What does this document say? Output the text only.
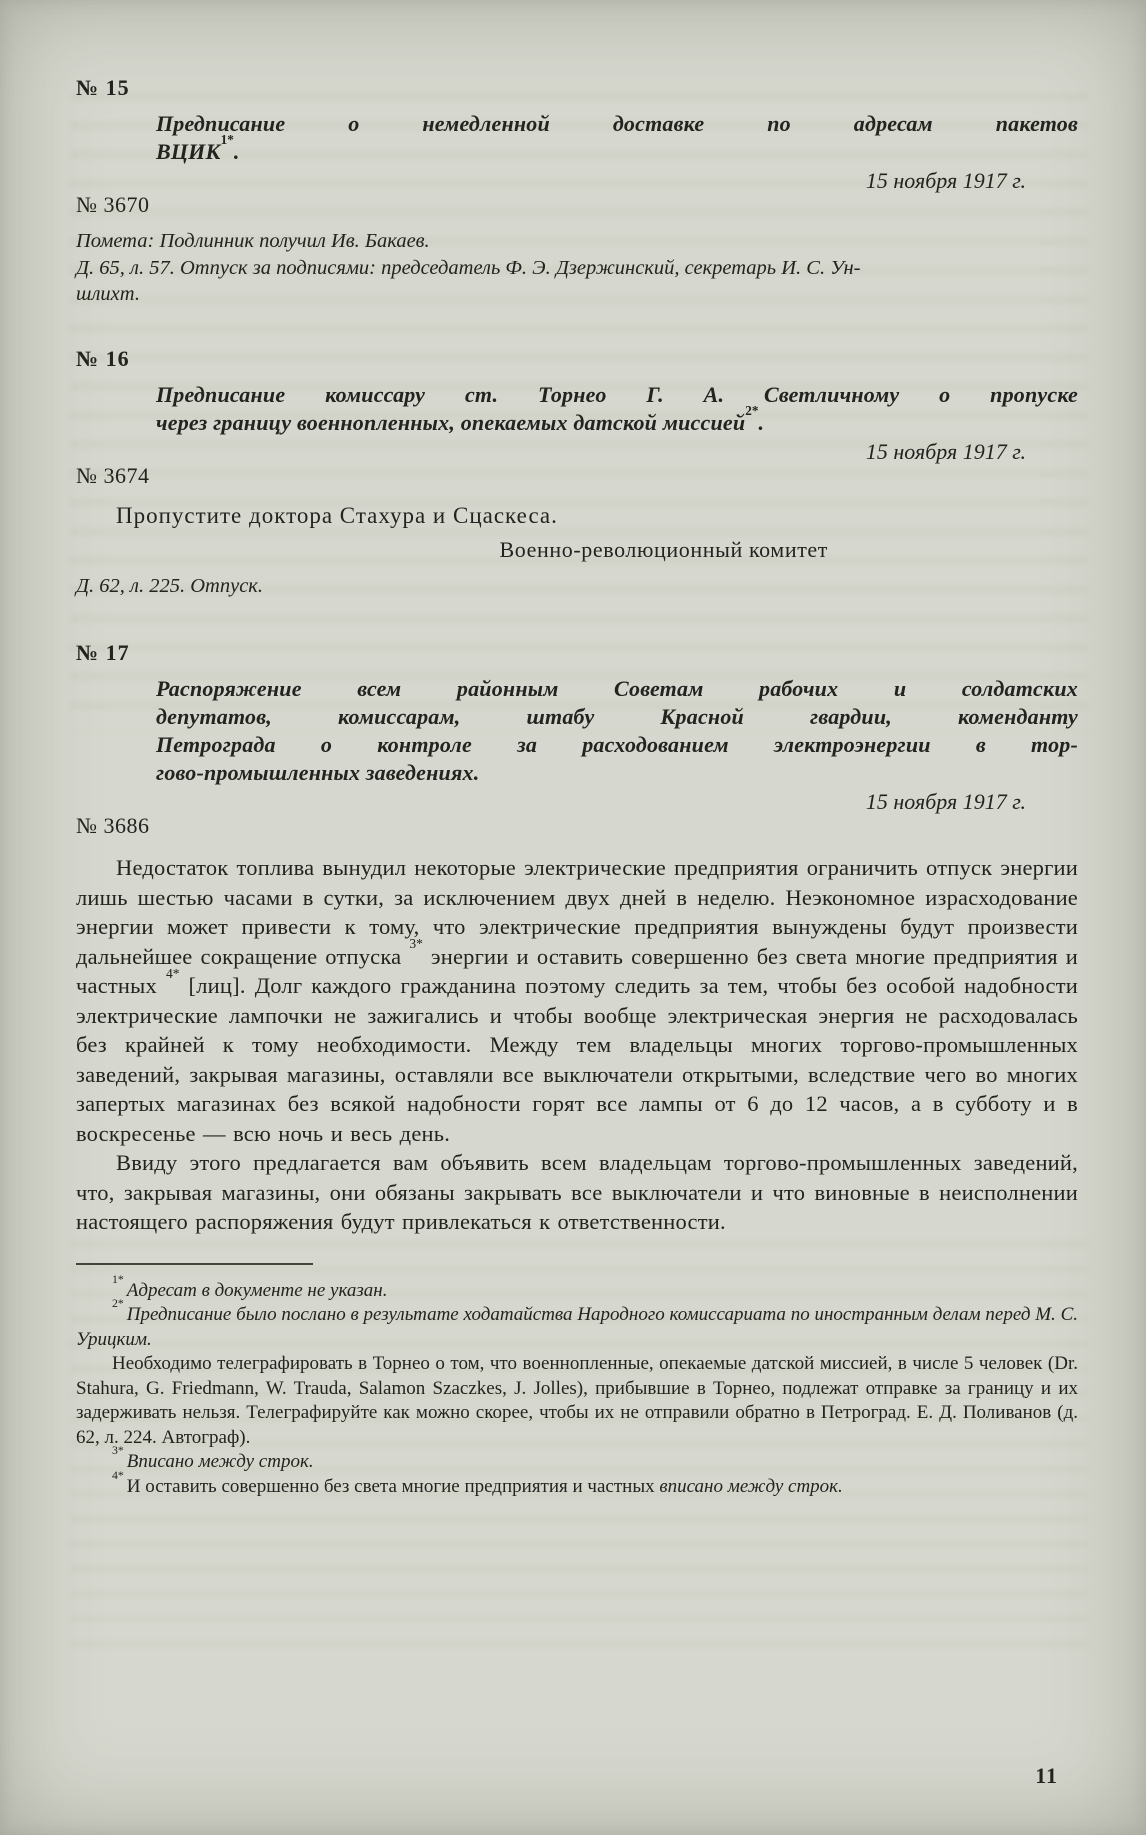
№ 15
Предписание о немедленной доставке по адресам пакетов
ВЦИК$^{1*}$.
15 ноября 1917 г.
№ 3670
Помета: Подлинник получил Ив. Бакаев.
Д. 65, л. 57. Отпуск за подписями: председатель Ф. Э. Дзержинский, секретарь И. С. Ун-
шлихт.
№ 16
Предписание комиссару ст. Торнео Г. А. Светличному о пропуске
через границу военнопленных, опекаемых датской миссией$^{2*}$.
15 ноября 1917 г.
№ 3674

Пропустите доктора Стахура и Сцаскеса.

Военно-революционный комитет
Д. 62, л. 225. Отпуск.
№ 17
Распоряжение всем районным Советам рабочих и солдатских
депутатов, комиссарам, штабу Красной гвардии, коменданту
Петрограда о контроле за расходованием электроэнергии в тор-
гово-промышленных заведениях.
15 ноября 1917 г.
№ 3686

Недостаток топлива вынудил некоторые электрические предприятия ограничить отпуск энергии лишь шестью часами в сутки, за исключением двух дней в неделю. Неэкономное израсходование энергии может привести к тому, что электрические предприятия вынуждены будут произвести дальнейшее сокращение отпуска $^{3*}$ энергии и оставить совершенно без света многие предприятия и частных $^{4*}$ [лиц]. Долг каждого гражданина поэтому следить за тем, чтобы без особой надобности электрические лампочки не зажигались и чтобы вообще электрическая энергия не расходовалась без крайней к тому необходимости. Между тем владельцы многих торгово-промышленных заведений, закрывая магазины, оставляли все выключатели открытыми, вследствие чего во многих запертых магазинах без всякой надобности горят все лампы от 6 до 12 часов, а в субботу и в воскресенье — всю ночь и весь день.

Ввиду этого предлагается вам объявить всем владельцам торгово-промышленных заведений, что, закрывая магазины, они обязаны закрывать все выключатели и что виновные в неисполнении настоящего распоряжения будут привлекаться к ответственности.

$^{1*}$Адресат в документе не указан.

$^{2*}$Предписание было послано в результате ходатайства Народного комиссариата по иностранным делам перед М. С. Урицким.

Необходимо телеграфировать в Торнео о том, что военнопленные, опекаемые датской миссией, в числе 5 человек (Dr. Stahura, G. Friedmann, W. Trauda, Salamon Szaczkes, J. Jolles), прибывшие в Торнео, подлежат отправке за границу и их задерживать нельзя. Телеграфируйте как можно скорее, чтобы их не отправили обратно в Петроград. Е. Д. Поливанов (д. 62, л. 224. Автограф).

$^{3*}$Вписано между строк.

$^{4*}$И оставить совершенно без света многие предприятия и частных вписано между строк.

11
